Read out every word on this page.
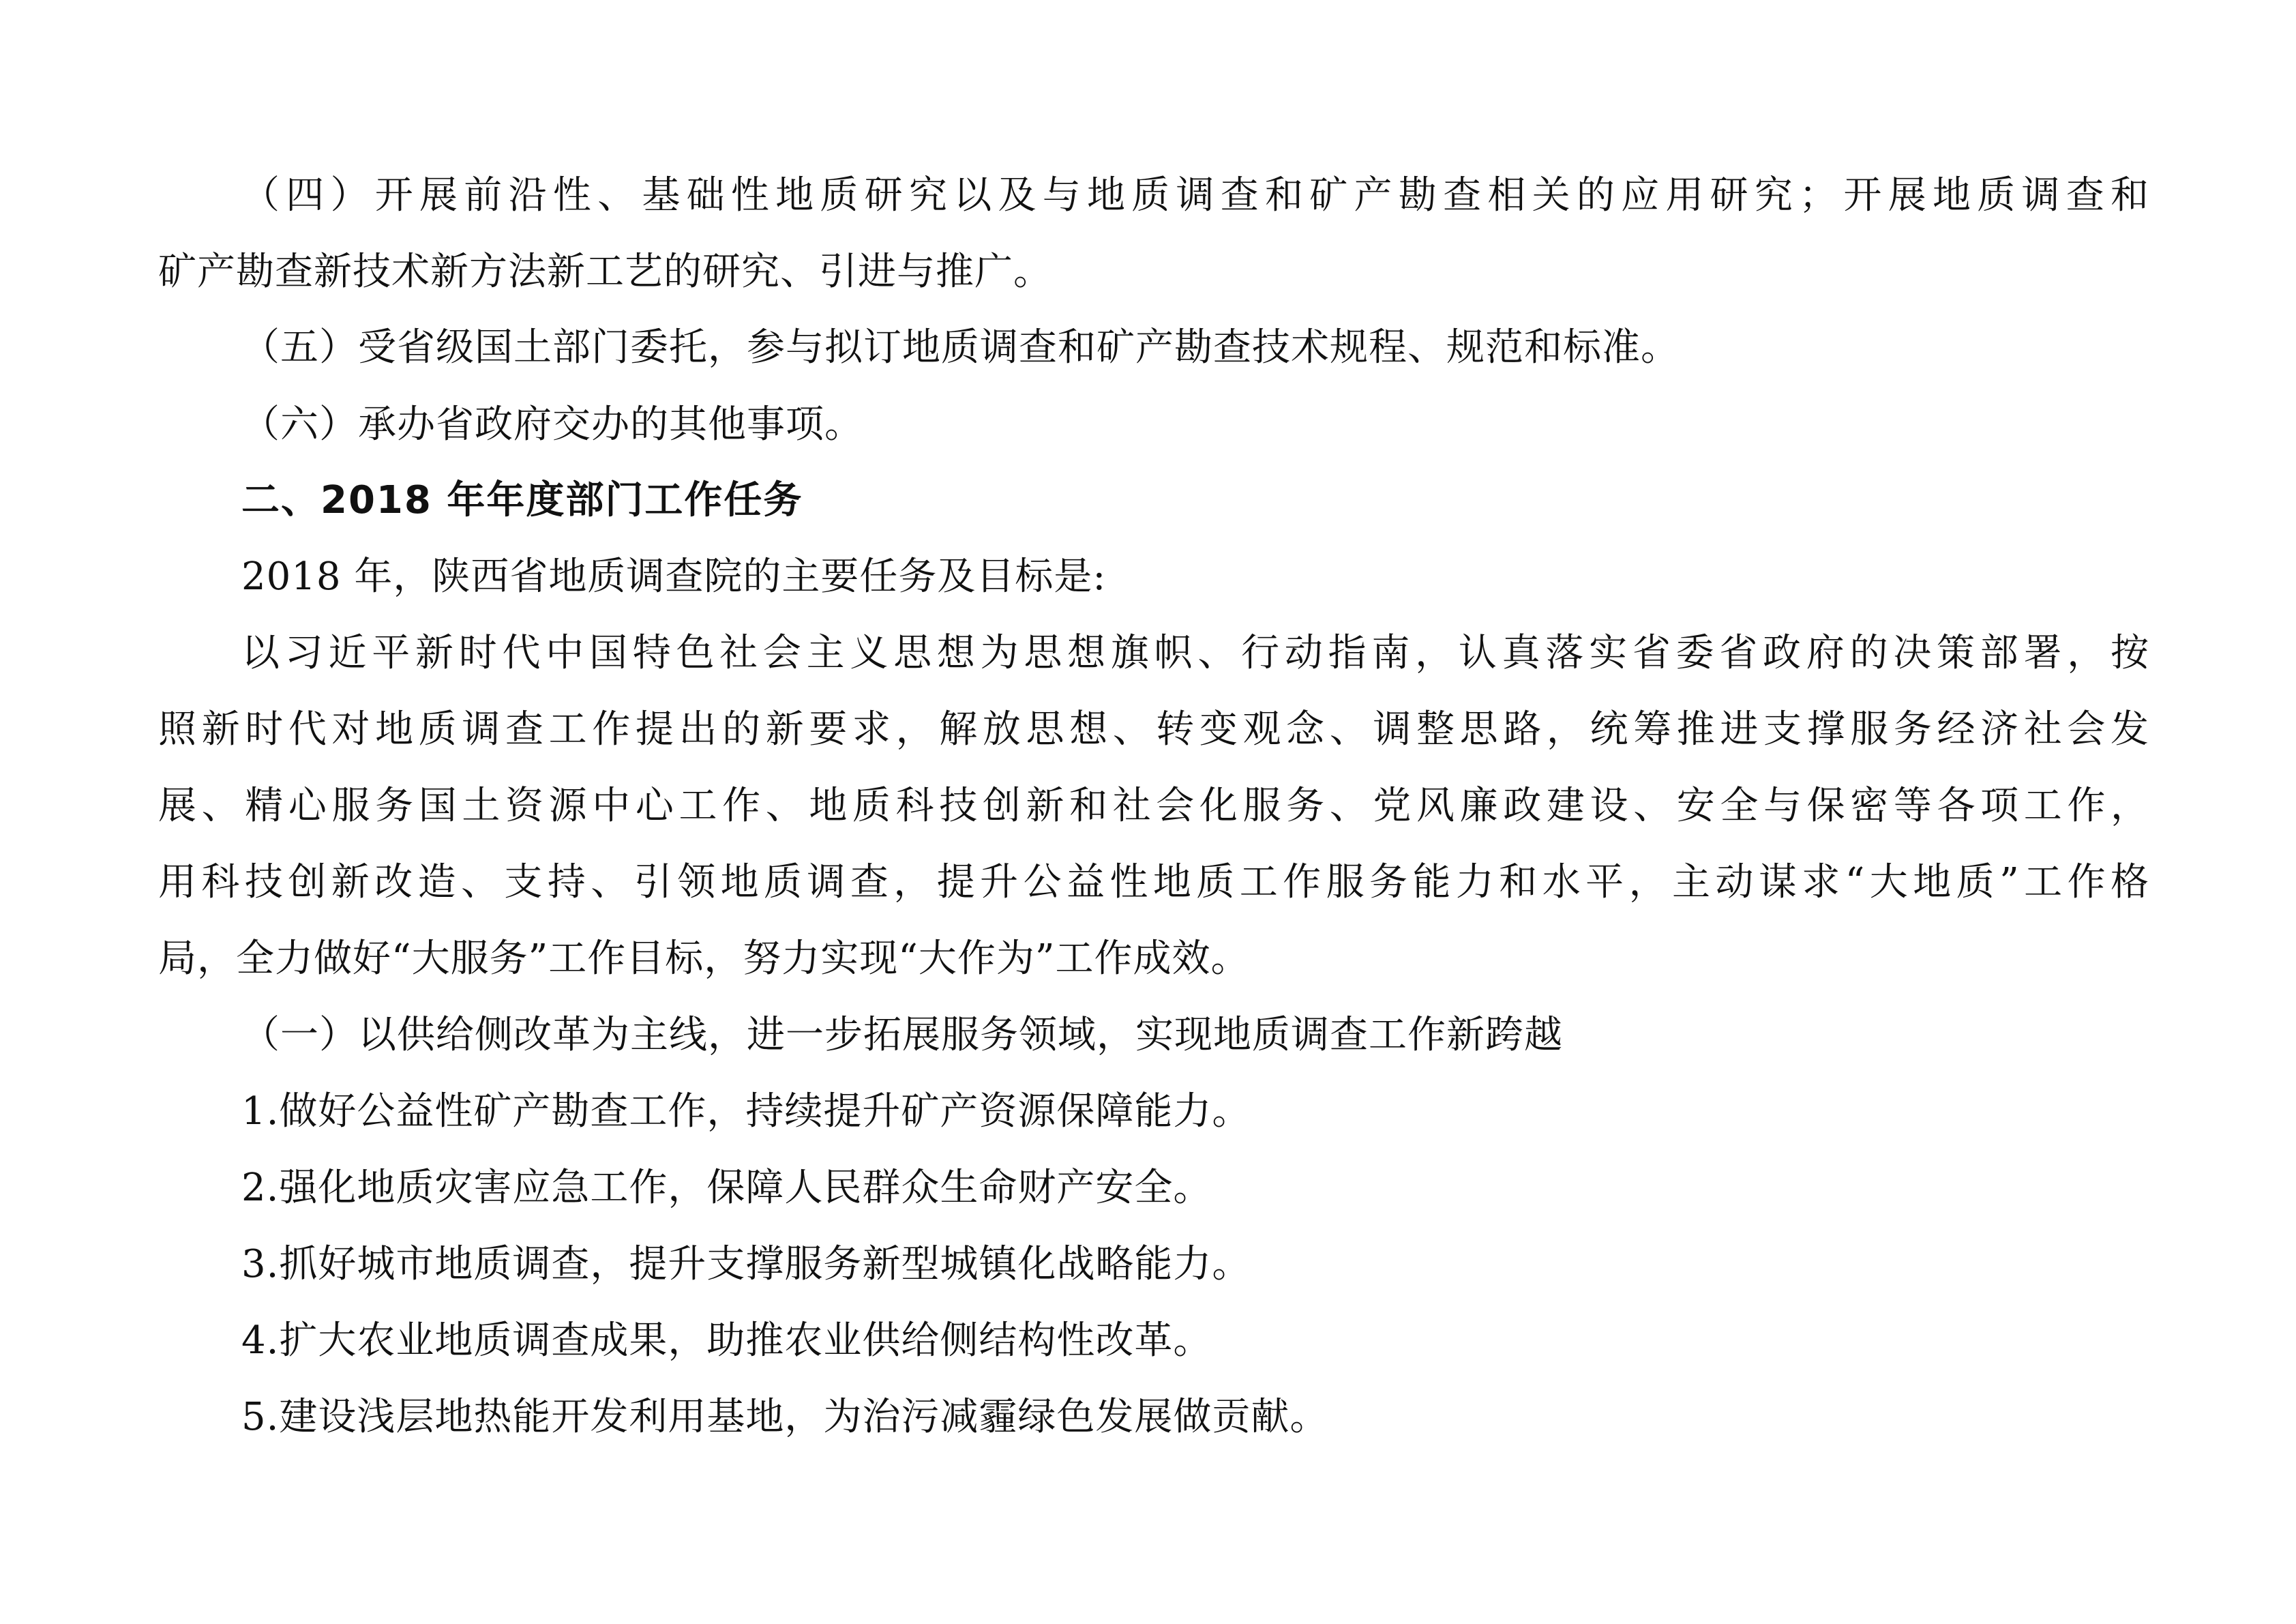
（四）开展前沿性、基础性地质研究以及与地质调查和矿产勘查相关的应用研究；开展地质调查和
矿产勘查新技术新方法新工艺的研究、引进与推广。
（五）受省级国土部门委托，参与拟订地质调查和矿产勘查技术规程、规范和标准。
（六）承办省政府交办的其他事项。
二、2018 年年度部门工作任务
2018 年，陕西省地质调查院的主要任务及目标是:
以习近平新时代中国特色社会主义思想为思想旗帜、行动指南，认真落实省委省政府的决策部署，按
照新时代对地质调查工作提出的新要求，解放思想、转变观念、调整思路，统筹推进支撑服务经济社会发
展、精心服务国土资源中心工作、地质科技创新和社会化服务、党风廉政建设、安全与保密等各项工作，
用科技创新改造、支持、引领地质调查，提升公益性地质工作服务能力和水平，主动谋求“大地质”工作格
局，全力做好“大服务”工作目标，努力实现“大作为”工作成效。
（一）以供给侧改革为主线，进一步拓展服务领域，实现地质调查工作新跨越
1.做好公益性矿产勘查工作，持续提升矿产资源保障能力。
2.强化地质灾害应急工作，保障人民群众生命财产安全。
3.抓好城市地质调查，提升支撑服务新型城镇化战略能力。
4.扩大农业地质调查成果，助推农业供给侧结构性改革。
5.建设浅层地热能开发利用基地，为治污减霾绿色发展做贡献。
